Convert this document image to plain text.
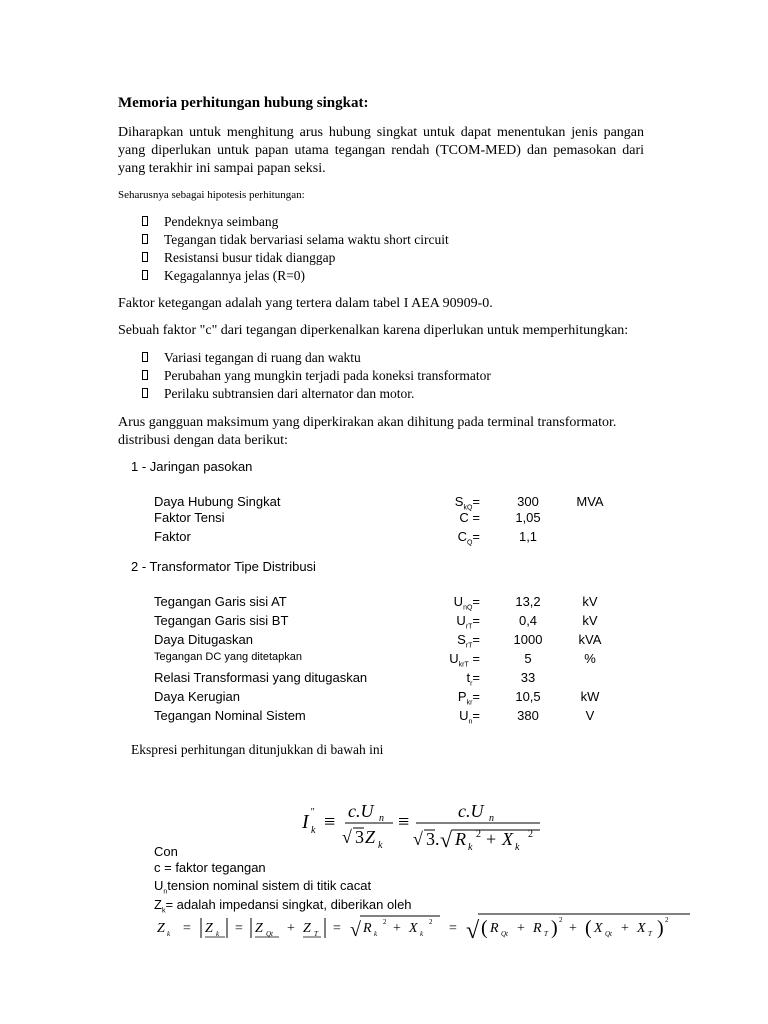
Memoria perhitungan hubung singkat:
Diharapkan untuk menghitung arus hubung singkat untuk dapat menentukan jenis pangan yang diperlukan untuk papan utama tegangan rendah (TCOM-MED) dan pemasokan dari yang terakhir ini sampai papan seksi.
Seharusnya sebagai hipotesis perhitungan:
Pendeknya seimbang
Tegangan tidak bervariasi selama waktu short circuit
Resistansi busur tidak dianggap
Kegagalannya jelas (R=0)
Faktor ketegangan adalah yang tertera dalam tabel I AEA 90909-0.
Sebuah faktor "c" dari tegangan diperkenalkan karena diperlukan untuk memperhitungkan:
Variasi tegangan di ruang dan waktu
Perubahan yang mungkin terjadi pada koneksi transformator
Perilaku subtransien dari alternator dan motor.
Arus gangguan maksimum yang diperkirakan akan dihitung pada terminal transformator. distribusi dengan data berikut:
1 - Jaringan pasokan
Daya Hubung Singkat	$S_{kQ}=$	300	MVA
Faktor Tensi	C =	1,05
Faktor	$C_Q=$	1,1
2 - Transformator Tipe Distribusi
Tegangan Garis sisi AT	$U_{nQ}=$	13,2	kV
Tegangan Garis sisi BT	$U_{rT}=$	0,4	kV
Daya Ditugaskan	$S_{rT}=$	1000	kVA
Tegangan DC yang ditetapkan	$U_{krT}$ =	5	%
Relasi Transformasi yang ditugaskan	$t_r=$	33
Daya Kerugian	$P_{kr}=$	10,5	kW
Tegangan Nominal Sistem	$U_n=$	380	V
Ekspresi perhitungan ditunjukkan di bawah ini
I "
k ≡ c.U n
√ 3 Z k
≡	c.U n
√ 3. √ R k
2 + X k
2
Con
c = faktor tegangan
$U_ntension$ nominal sistem di titik cacat
$Z_k=$ adalah impedansi singkat, diberikan oleh
Z k = Z k = Z Qt + Z T = √ R k
2 + X k
2 = √ ( R Qt + R T ) 2
+ ( X Qt + X T ) 2
